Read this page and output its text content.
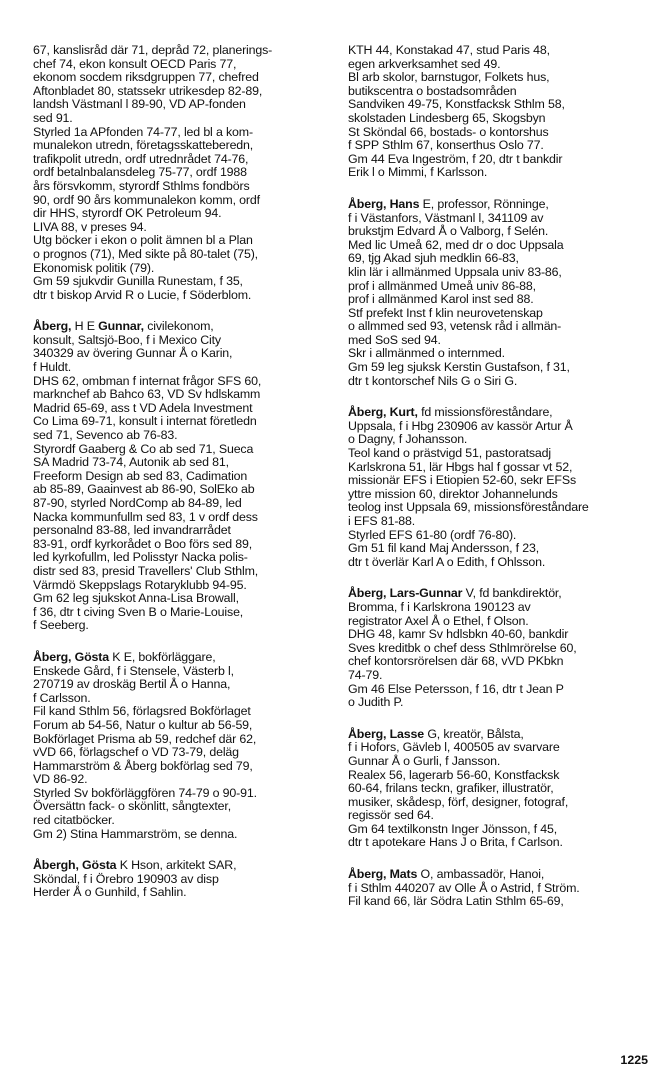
67, kanslisråd där 71, depråd 72, planerings-
chef 74, ekon konsult OECD Paris 77,
ekonom socdem riksdgruppen 77, chefred
Aftonbladet 80, statssekr utrikesdep 82-89,
landsh Västmanl l 89-90, VD AP-fonden
sed 91.
Styrled 1a APfonden 74-77, led bl a kom-
munalekon utredn, företagsskatteberedn,
trafikpolit utredn, ordf utrednrådet 74-76,
ordf betalnbalansdeleg 75-77, ordf 1988
års försvkomm, styrordf Sthlms fondbörs
90, ordf 90 års kommunalekon komm, ordf
dir HHS, styrordf OK Petroleum 94.
LIVA 88, v preses 94.
Utg böcker i ekon o polit ämnen bl a Plan
o prognos (71), Med sikte på 80-talet (75),
Ekonomisk politik (79).
Gm 59 sjukvdir Gunilla Runestam, f 35,
dtr t biskop Arvid R o Lucie, f Söderblom.
Åberg, H E Gunnar, civilekonom,
konsult, Saltsjö-Boo, f i Mexico City
340329 av övering Gunnar Å o Karin,
f Huldt.
DHS 62, ombman f internat frågor SFS 60,
marknchef ab Bahco 63, VD Sv hdlskamm
Madrid 65-69, ass t VD Adela Investment
Co Lima 69-71, konsult i internat företledn
sed 71, Sevenco ab 76-83.
Styrordf Gaaberg & Co ab sed 71, Sueca
SA Madrid 73-74, Autonik ab sed 81,
Freeform Design ab sed 83, Cadimation
ab 85-89, Gaainvest ab 86-90, SolEko ab
87-90, styrled NordComp ab 84-89, led
Nacka kommunfullm sed 83, 1 v ordf dess
personalnd 83-88, led invandrarrådet
83-91, ordf kyrkorådet o Boo förs sed 89,
led kyrkofullm, led Polisstyr Nacka polis-
distr sed 83, presid Travellers' Club Sthlm,
Värmdö Skeppslags Rotaryklubb 94-95.
Gm 62 leg sjukskot Anna-Lisa Browall,
f 36, dtr t civing Sven B o Marie-Louise,
f Seeberg.
Åberg, Gösta K E, bokförläggare,
Enskede Gård, f i Stensele, Västerb l,
270719 av droskäg Bertil Å o Hanna,
f Carlsson.
Fil kand Sthlm 56, förlagsred Bokförlaget
Forum ab 54-56, Natur o kultur ab 56-59,
Bokförlaget Prisma ab 59, redchef där 62,
vVD 66, förlagschef o VD 73-79, deläg
Hammarström & Åberg bokförlag sed 79,
VD 86-92.
Styrled Sv bokförläggfören 74-79 o 90-91.
Översättn fack- o skönlitt, sångtexter,
red citatböcker.
Gm 2) Stina Hammarström, se denna.
Åbergh, Gösta K Hson, arkitekt SAR,
Sköndal, f i Örebro 190903 av disp
Herder Å o Gunhild, f Sahlin.
KTH 44, Konstakad 47, stud Paris 48,
egen arkverksamhet sed 49.
Bl arb skolor, barnstugor, Folkets hus,
butikscentra o bostadsområden
Sandviken 49-75, Konstfacksk Sthlm 58,
skolstaden Lindesberg 65, Skogsbyn
St Sköndal 66, bostads- o kontorshus
f SPP Sthlm 67, konserthus Oslo 77.
Gm 44 Eva Ingeström, f 20, dtr t bankdir
Erik l o Mimmi, f Karlsson.
Åberg, Hans E, professor, Rönninge,
f i Västanfors, Västmanl l, 341109 av
brukstjm Edvard Å o Valborg, f Selén.
Med lic Umeå 62, med dr o doc Uppsala
69, tjg Akad sjuh medklin 66-83,
klin lär i allmänmed Uppsala univ 83-86,
prof i allmänmed Umeå univ 86-88,
prof i allmänmed Karol inst sed 88.
Stf prefekt Inst f klin neurovetenskap
o allmmed sed 93, vetensk råd i allmän-
med SoS sed 94.
Skr i allmänmed o internmed.
Gm 59 leg sjuksk Kerstin Gustafson, f 31,
dtr t kontorschef Nils G o Siri G.
Åberg, Kurt, fd missionsföreståndare,
Uppsala, f i Hbg 230906 av kassör Artur Å
o Dagny, f Johansson.
Teol kand o prästvigd 51, pastoratsadj
Karlskrona 51, lär Hbgs hal f gossar vt 52,
missionär EFS i Etiopien 52-60, sekr EFSs
yttre mission 60, direktor Johannelunds
teolog inst Uppsala 69, missionsföreståndare
i EFS 81-88.
Styrled EFS 61-80 (ordf 76-80).
Gm 51 fil kand Maj Andersson, f 23,
dtr t överlär Karl A o Edith, f Ohlsson.
Åberg, Lars-Gunnar V, fd bankdirektör,
Bromma, f i Karlskrona 190123 av
registrator Axel Å o Ethel, f Olson.
DHG 48, kamr Sv hdlsbkn 40-60, bankdir
Sves kreditbk o chef dess Sthlmrörelse 60,
chef kontorsrörelsen där 68, vVD PKbkn
74-79.
Gm 46 Else Petersson, f 16, dtr t Jean P
o Judith P.
Åberg, Lasse G, kreatör, Bålsta,
f i Hofors, Gävleb l, 400505 av svarvare
Gunnar Å o Gurli, f Jansson.
Realex 56, lagerarb 56-60, Konstfacksk
60-64, frilans teckn, grafiker, illustratör,
musiker, skådesp, förf, designer, fotograf,
regissör sed 64.
Gm 64 textilkonstn Inger Jönsson, f 45,
dtr t apotekare Hans J o Brita, f Carlson.
Åberg, Mats O, ambassadör, Hanoi,
f i Sthlm 440207 av Olle Å o Astrid, f Ström.
Fil kand 66, lär Södra Latin Sthlm 65-69,
1225
